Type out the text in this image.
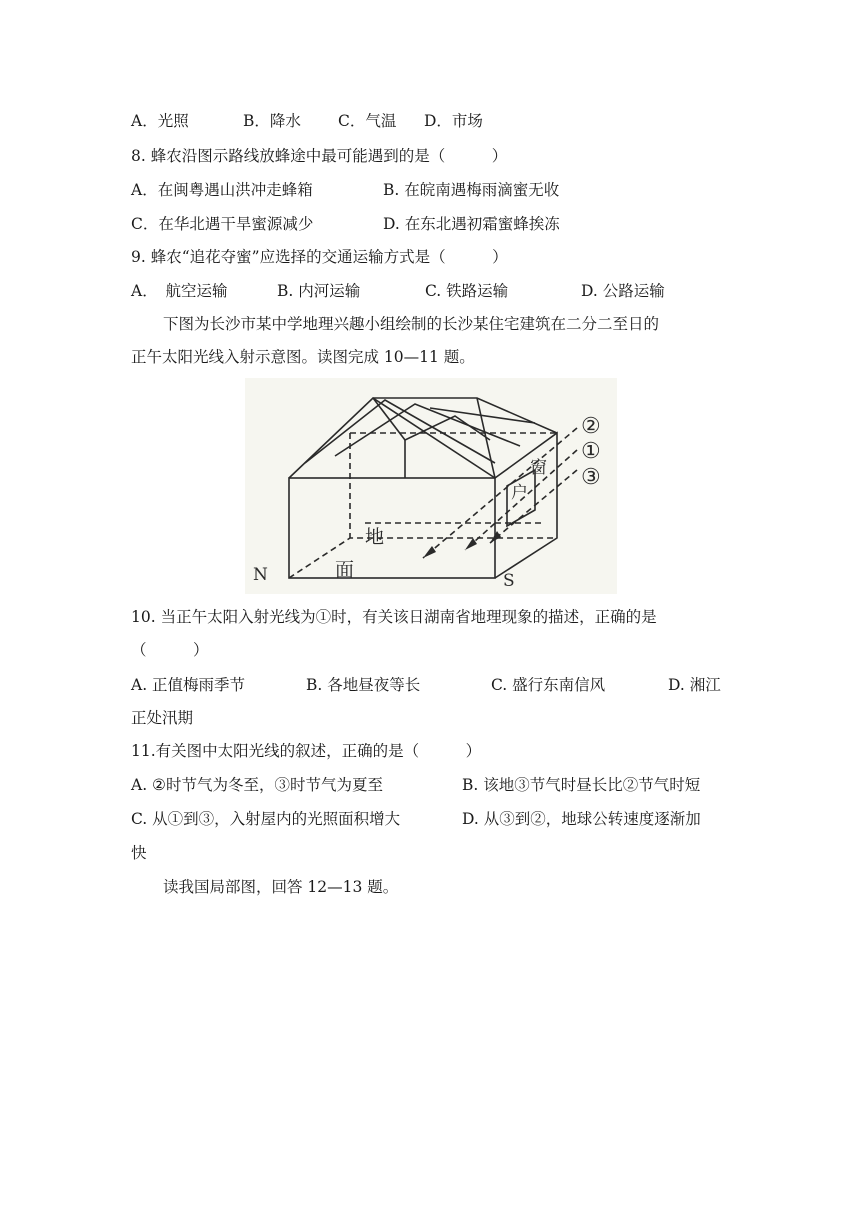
A．光照	B．降水 C．气温 D．市场
8. 蜂农沿图示路线放蜂途中最可能遇到的是（　　　）
A．在闽粤遇山洪冲走蜂箱	B. 在皖南遇梅雨滴蜜无收
C．在华北遇干旱蜜源减少	D. 在东北遇初霜蜜蜂挨冻
9. 蜂农“追花夺蜜”应选择的交通运输方式是（　　　）
A．　航空运输	B. 内河运输	C. 铁路运输	D. 公路运输
下图为长沙市某中学地理兴趣小组绘制的长沙某住宅建筑在二分二至日的
正午太阳光线入射示意图。读图完成 10—11 题。
N	S
地
面
窗
户
②
①
③
10. 当正午太阳入射光线为①时，有关该日湖南省地理现象的描述，正确的是
（　　　）
A. 正值梅雨季节	B. 各地昼夜等长	C. 盛行东南信风	D. 湘江
正处汛期
11.有关图中太阳光线的叙述，正确的是（　　　）
A. ②时节气为冬至，③时节气为夏至	B. 该地③节气时昼长比②节气时短
C. 从①到③，入射屋内的光照面积增大	D. 从③到②，地球公转速度逐渐加
快
读我国局部图，回答 12—13 题。
